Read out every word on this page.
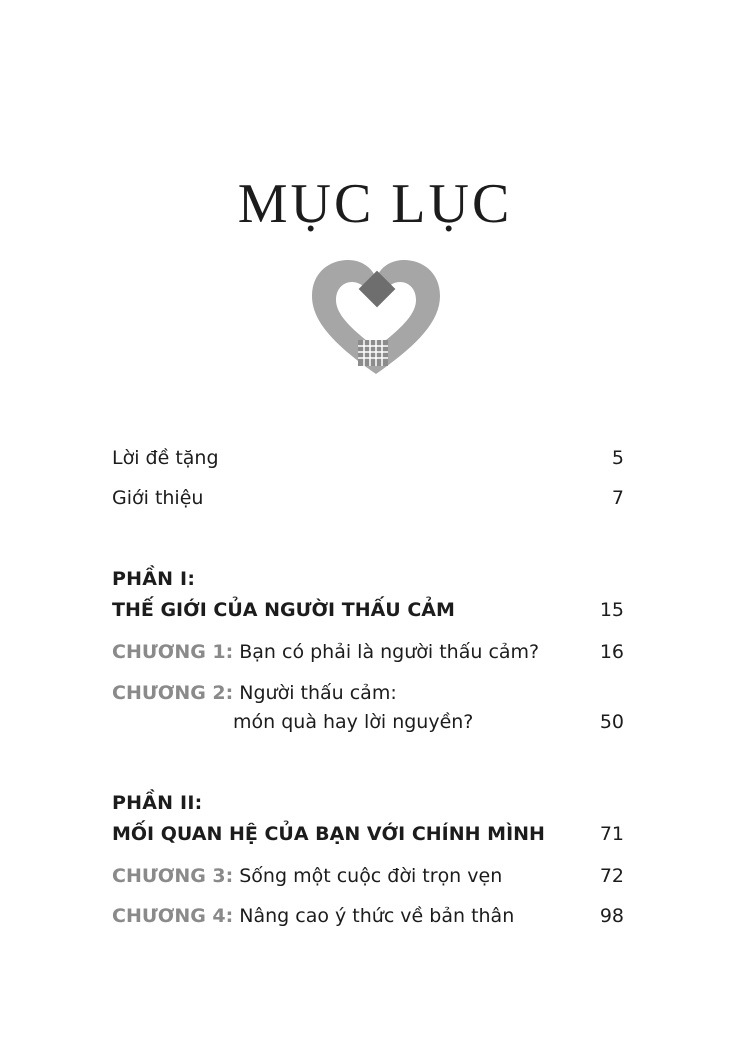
MỤC LỤC
Lời đề tặng	5
Giới thiệu	7
PHẦN I:
THẾ GIỚI CỦA NGƯỜI THẤU CẢM	15
CHƯƠNG 1: Bạn có phải là người thấu cảm?	16
CHƯƠNG 2: Người thấu cảm:
món quà hay lời nguyền?	50
PHẦN II:
MỐI QUAN HỆ CỦA BẠN VỚI CHÍNH MÌNH	71
CHƯƠNG 3: Sống một cuộc đời trọn vẹn	72
CHƯƠNG 4: Nâng cao ý thức về bản thân	98
